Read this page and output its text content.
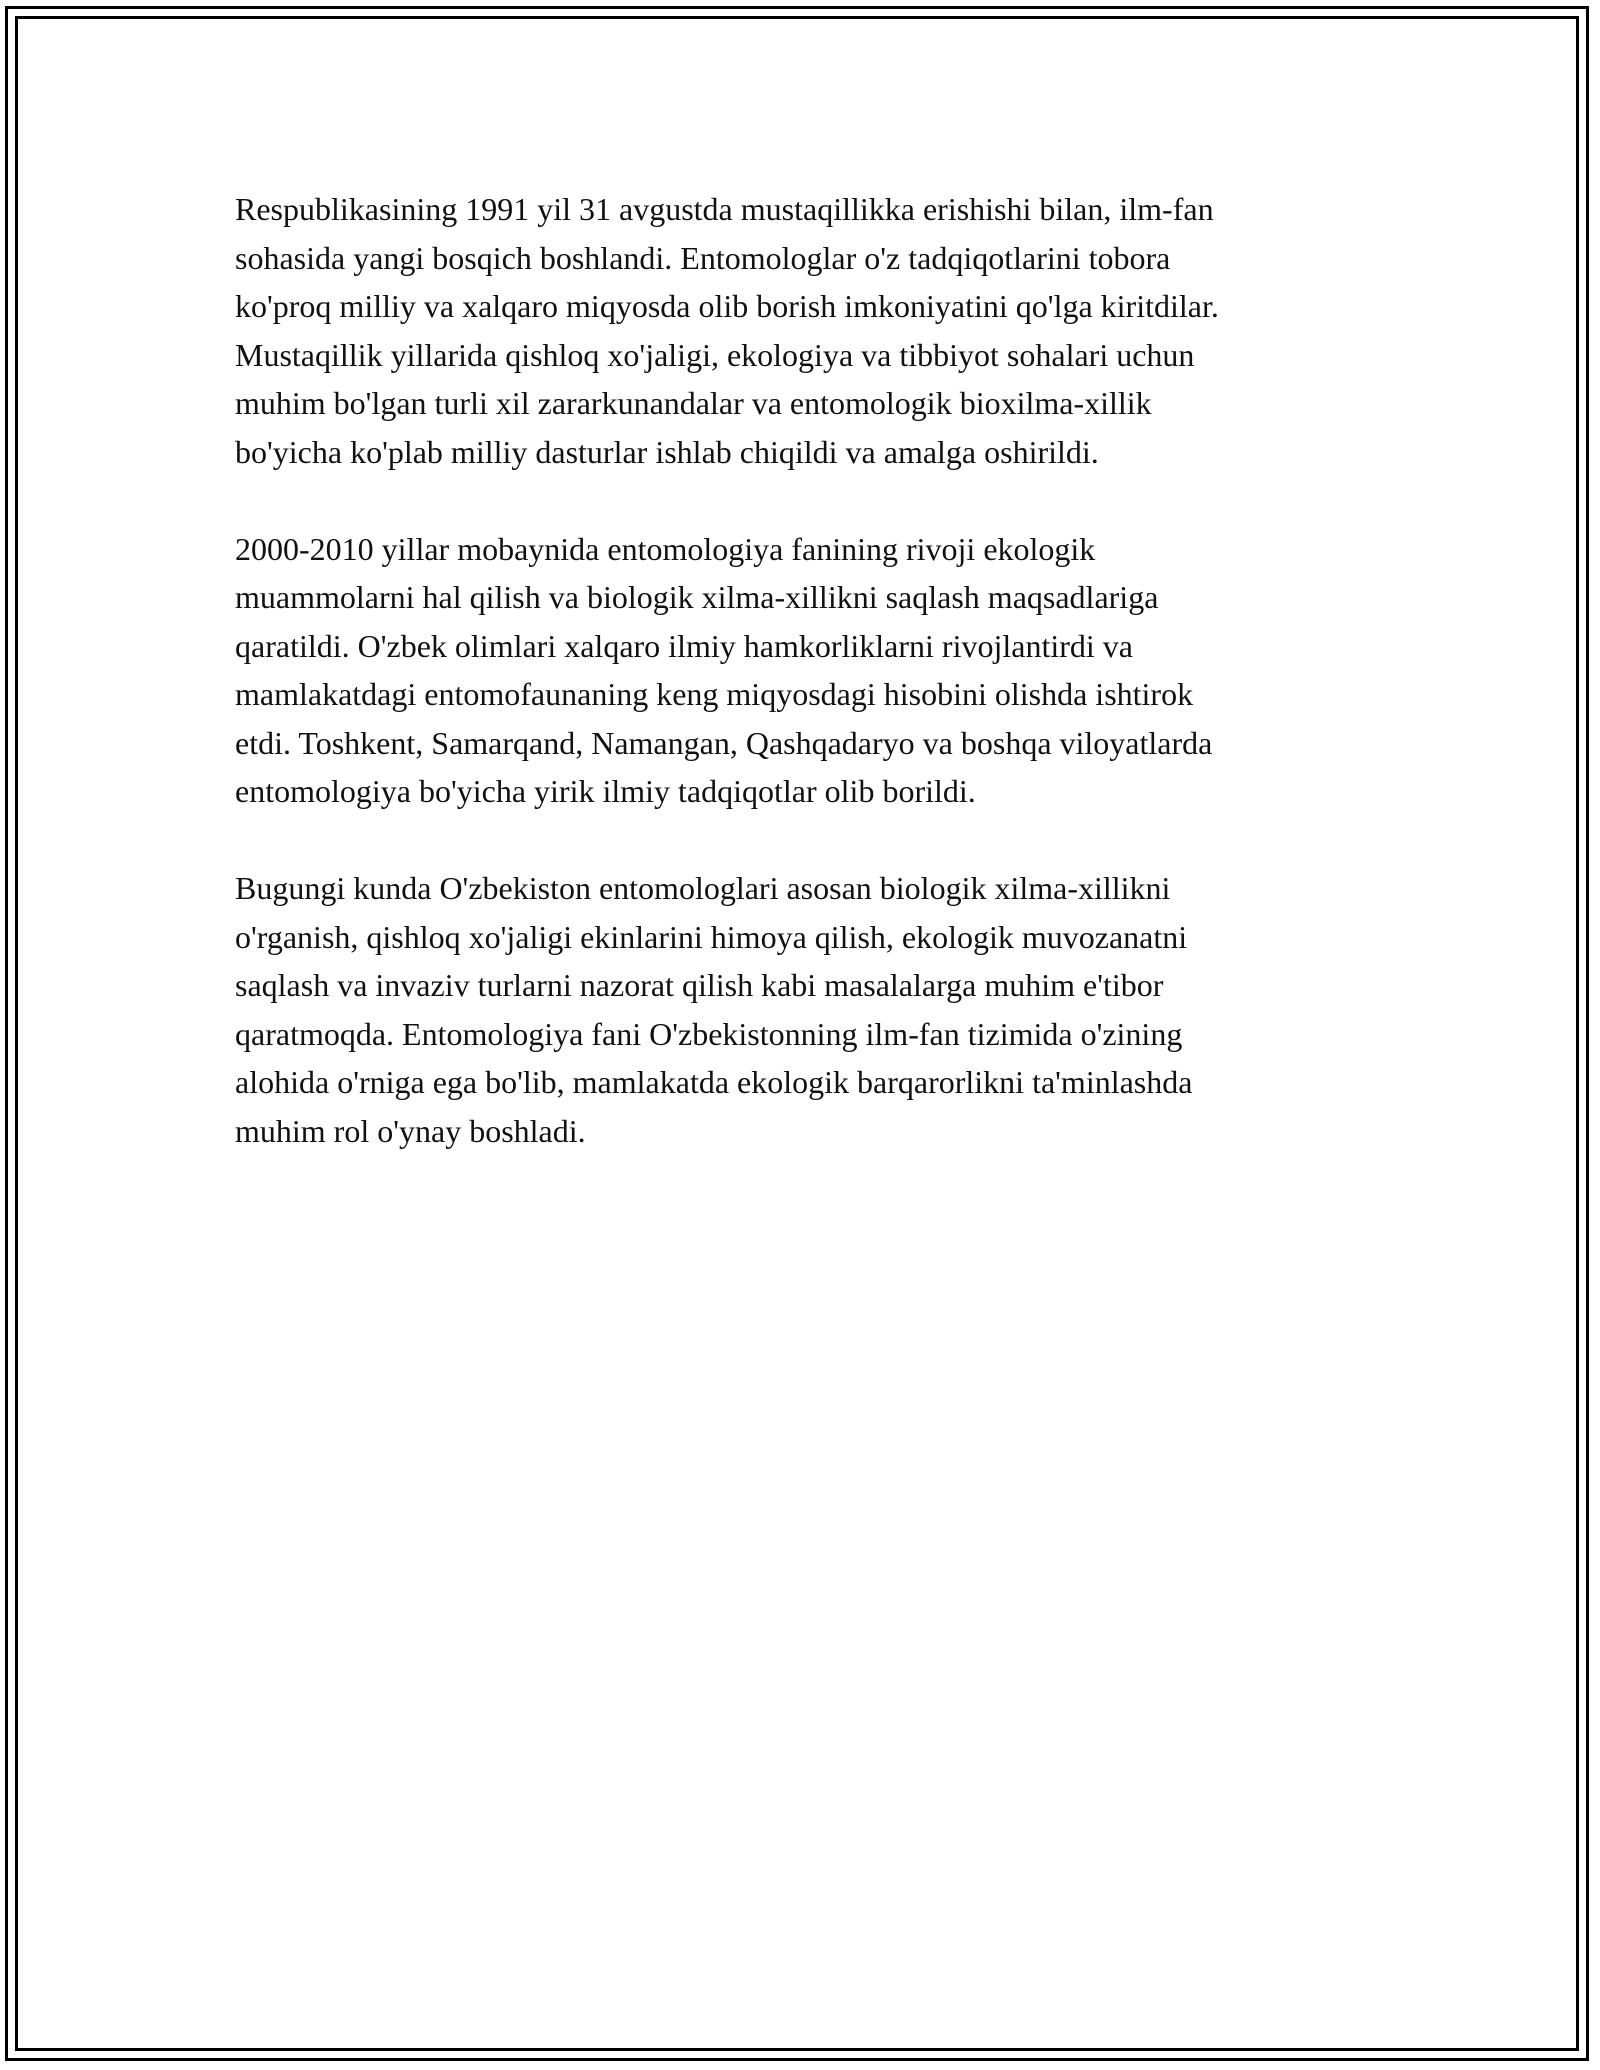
Respublikasining 1991 yil 31 avgustda mustaqillikka erishishi bilan, ilm-fan
sohasida yangi bosqich boshlandi. Entomologlar o'z tadqiqotlarini tobora
ko'proq milliy va xalqaro miqyosda olib borish imkoniyatini qo'lga kiritdilar.
Mustaqillik yillarida qishloq xo'jaligi, ekologiya va tibbiyot sohalari uchun
muhim bo'lgan turli xil zararkunandalar va entomologik bioxilma-xillik
bo'yicha ko'plab milliy dasturlar ishlab chiqildi va amalga oshirildi.

2000-2010 yillar mobaynida entomologiya fanining rivoji ekologik
muammolarni hal qilish va biologik xilma-xillikni saqlash maqsadlariga
qaratildi. O'zbek olimlari xalqaro ilmiy hamkorliklarni rivojlantirdi va
mamlakatdagi entomofaunaning keng miqyosdagi hisobini olishda ishtirok
etdi. Toshkent, Samarqand, Namangan, Qashqadaryo va boshqa viloyatlarda
entomologiya bo'yicha yirik ilmiy tadqiqotlar olib borildi.

Bugungi kunda O'zbekiston entomologlari asosan biologik xilma-xillikni
o'rganish, qishloq xo'jaligi ekinlarini himoya qilish, ekologik muvozanatni
saqlash va invaziv turlarni nazorat qilish kabi masalalarga muhim e'tibor
qaratmoqda. Entomologiya fani O'zbekistonning ilm-fan tizimida o'zining
alohida o'rniga ega bo'lib, mamlakatda ekologik barqarorlikni ta'minlashda
muhim rol o'ynay boshladi.
